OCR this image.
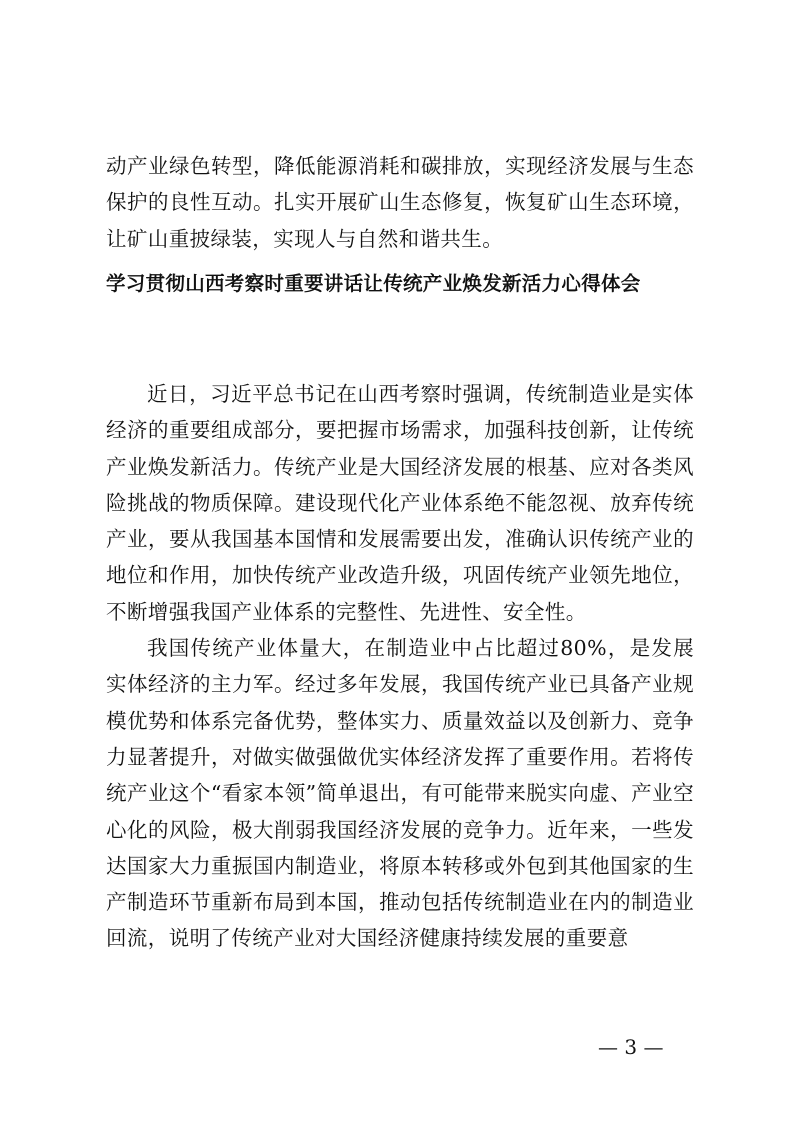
动产业绿色转型，降低能源消耗和碳排放，实现经济发展与生态保护的良性互动。扎实开展矿山生态修复，恢复矿山生态环境，让矿山重披绿装，实现人与自然和谐共生。

学习贯彻山西考察时重要讲话让传统产业焕发新活力心得体会

近日，习近平总书记在山西考察时强调，传统制造业是实体经济的重要组成部分，要把握市场需求，加强科技创新，让传统产业焕发新活力。传统产业是大国经济发展的根基、应对各类风险挑战的物质保障。建设现代化产业体系绝不能忽视、放弃传统产业，要从我国基本国情和发展需要出发，准确认识传统产业的地位和作用，加快传统产业改造升级，巩固传统产业领先地位，不断增强我国产业体系的完整性、先进性、安全性。

我国传统产业体量大，在制造业中占比超过80%，是发展实体经济的主力军。经过多年发展，我国传统产业已具备产业规模优势和体系完备优势，整体实力、质量效益以及创新力、竞争力显著提升，对做实做强做优实体经济发挥了重要作用。若将传统产业这个“看家本领”简单退出，有可能带来脱实向虚、产业空心化的风险，极大削弱我国经济发展的竞争力。近年来，一些发达国家大力重振国内制造业，将原本转移或外包到其他国家的生产制造环节重新布局到本国，推动包括传统制造业在内的制造业回流，说明了传统产业对大国经济健康持续发展的重要意

— 3 —
